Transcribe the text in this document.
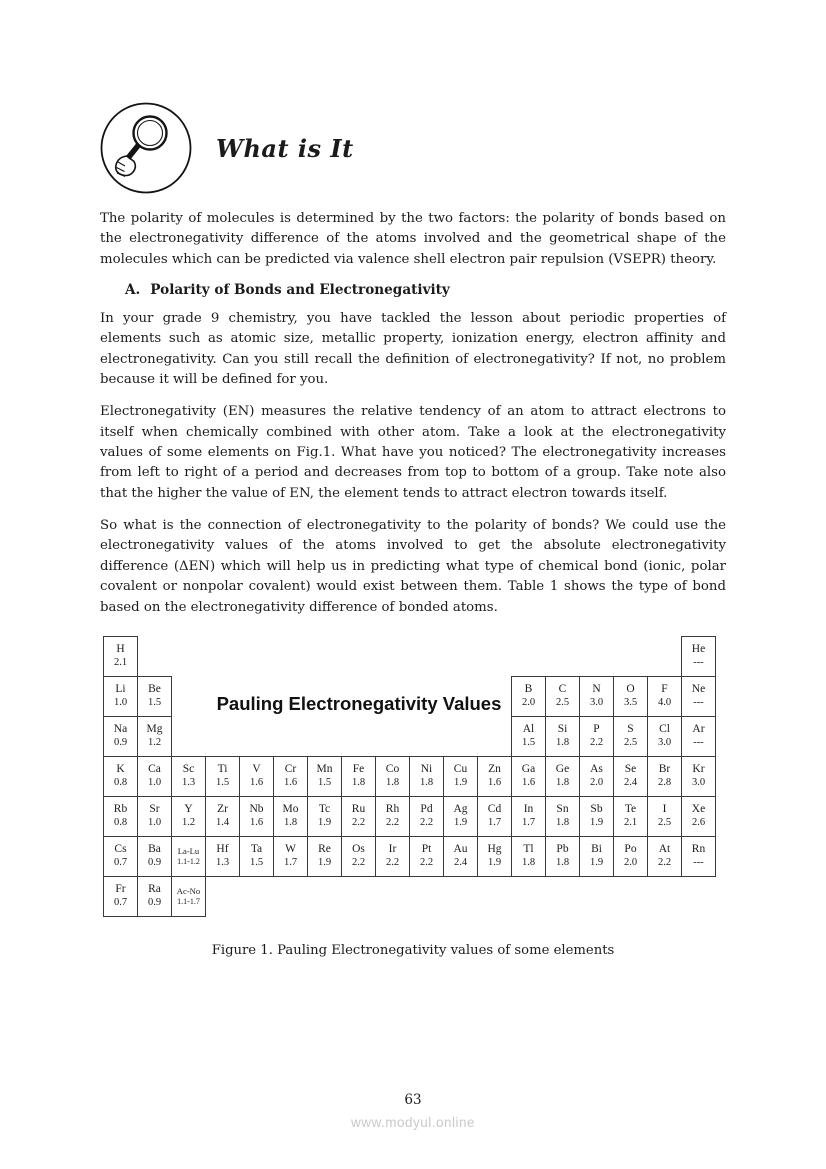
What is It

The polarity of molecules is determined by the two factors: the polarity of bonds based on the electronegativity difference of the atoms involved and the geometrical shape of the molecules which can be predicted via valence shell electron pair repulsion (VSEPR) theory.

A. Polarity of Bonds and Electronegativity

In your grade 9 chemistry, you have tackled the lesson about periodic properties of elements such as atomic size, metallic property, ionization energy, electron affinity and electronegativity. Can you still recall the definition of electronegativity? If not, no problem because it will be defined for you.

Electronegativity (EN) measures the relative tendency of an atom to attract electrons to itself when chemically combined with other atom. Take a look at the electronegativity values of some elements on Fig.1. What have you noticed? The electronegativity increases from left to right of a period and decreases from top to bottom of a group. Take note also that the higher the value of EN, the element tends to attract electron towards itself.

So what is the connection of electronegativity to the polarity of bonds? We could use the electronegativity values of the atoms involved to get the absolute electronegativity difference (ΔEN) which will help us in predicting what type of chemical bond (ionic, polar covalent or nonpolar covalent) would exist between them. Table 1 shows the type of bond based on the electronegativity difference of bonded atoms.

Pauling Electronegativity Values
H
2.1
He
---
Li
1.0
Be
1.5
B
2.0
C
2.5
N
3.0
O
3.5
F
4.0
Ne
---
Na
0.9
Mg
1.2
Al
1.5
Si
1.8
P
2.2
S
2.5
Cl
3.0
Ar
---
K
0.8
Ca
1.0
Sc
1.3
Ti
1.5
V
1.6
Cr
1.6
Mn
1.5
Fe
1.8
Co
1.8
Ni
1.8
Cu
1.9
Zn
1.6
Ga
1.6
Ge
1.8
As
2.0
Se
2.4
Br
2.8
Kr
3.0
Rb
0.8
Sr
1.0
Y
1.2
Zr
1.4
Nb
1.6
Mo
1.8
Tc
1.9
Ru
2.2
Rh
2.2
Pd
2.2
Ag
1.9
Cd
1.7
In
1.7
Sn
1.8
Sb
1.9
Te
2.1
I
2.5
Xe
2.6
Cs
0.7
Ba
0.9
La-Lu
1.1-1.2
Hf
1.3
Ta
1.5
W
1.7
Re
1.9
Os
2.2
Ir
2.2
Pt
2.2
Au
2.4
Hg
1.9
Tl
1.8
Pb
1.8
Bi
1.9
Po
2.0
At
2.2
Rn
---
Fr
0.7
Ra
0.9
Ac-No
1.1-1.7
Figure 1. Pauling Electronegativity values of some elements
63
www.modyul.online
